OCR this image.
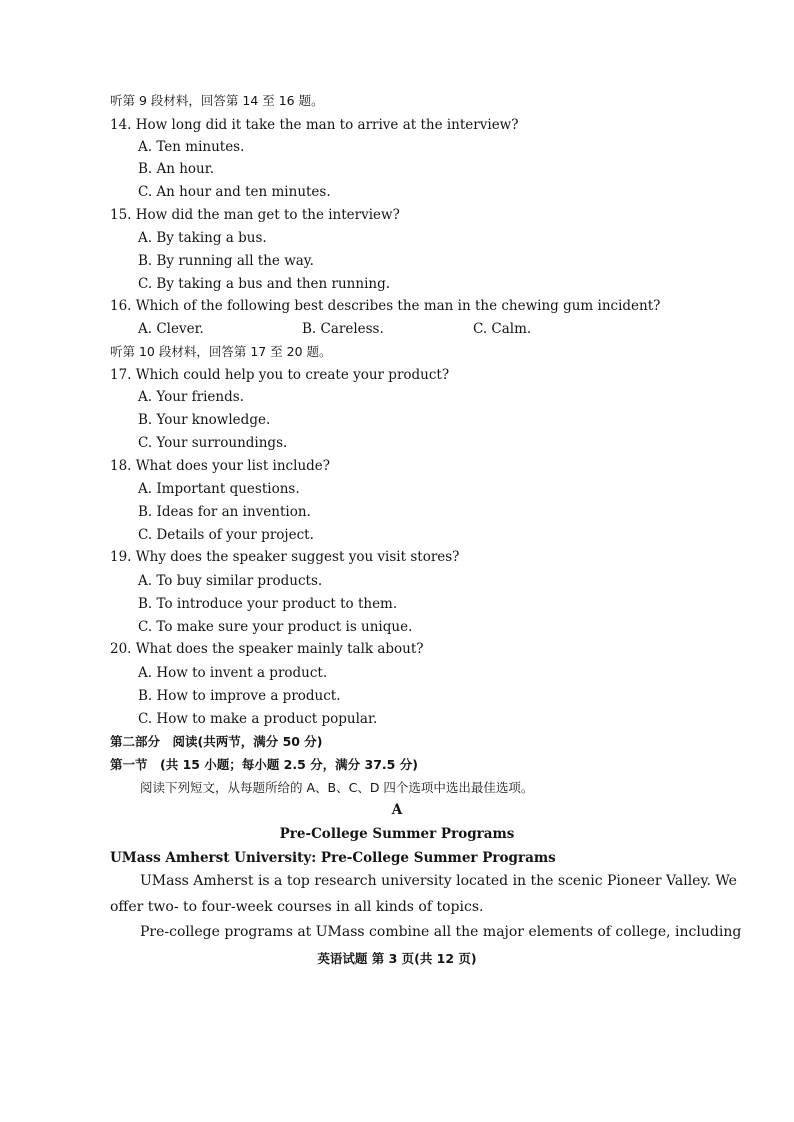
听第 9 段材料，回答第 14 至 16 题。
14. How long did it take the man to arrive at the interview?
A. Ten minutes.
B. An hour.
C. An hour and ten minutes.
15. How did the man get to the interview?
A. By taking a bus.
B. By running all the way.
C. By taking a bus and then running.
16. Which of the following best describes the man in the chewing gum incident?
A. Clever.	B. Careless.	C. Calm.
听第 10 段材料，回答第 17 至 20 题。
17. Which could help you to create your product?
A. Your friends.
B. Your knowledge.
C. Your surroundings.
18. What does your list include?
A. Important questions.
B. Ideas for an invention.
C. Details of your project.
19. Why does the speaker suggest you visit stores?
A. To buy similar products.
B. To introduce your product to them.
C. To make sure your product is unique.
20. What does the speaker mainly talk about?
A. How to invent a product.
B. How to improve a product.
C. How to make a product popular.
第二部分　阅读(共两节，满分 50 分)
第一节　(共 15 小题；每小题 2.5 分，满分 37.5 分)
阅读下列短文，从每题所给的 A、B、C、D 四个选项中选出最佳选项。
A
Pre-College Summer Programs
UMass Amherst University: Pre-College Summer Programs
UMass Amherst is a top research university located in the scenic Pioneer Valley. We
offer two- to four-week courses in all kinds of topics.
Pre-college programs at UMass combine all the major elements of college, including
英语试题 第 3 页(共 12 页)
